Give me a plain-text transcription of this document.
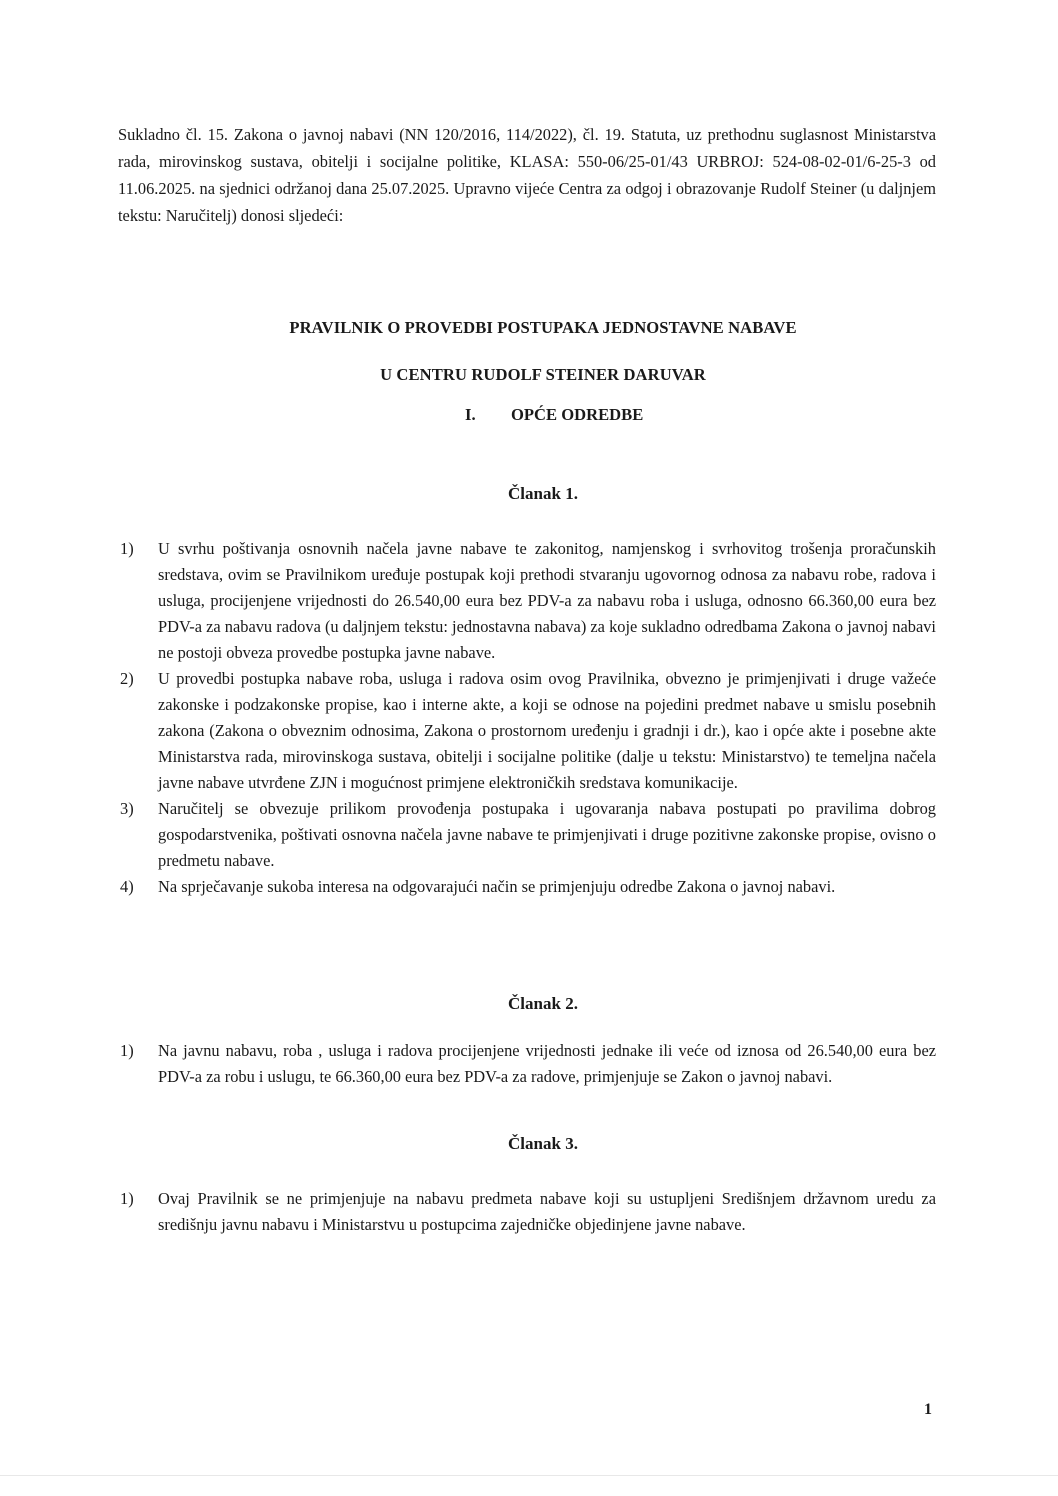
Sukladno čl. 15. Zakona o javnoj nabavi (NN 120/2016, 114/2022), čl. 19. Statuta, uz prethodnu suglasnost Ministarstva rada, mirovinskog sustava, obitelji i socijalne politike, KLASA: 550-06/25-01/43 URBROJ: 524-08-02-01/6-25-3 od 11.06.2025. na sjednici održanoj dana 25.07.2025. Upravno vijeće Centra za odgoj i obrazovanje Rudolf Steiner (u daljnjem tekstu: Naručitelj) donosi sljedeći:

PRAVILNIK O PROVEDBI POSTUPAKA JEDNOSTAVNE NABAVE
U CENTRU RUDOLF STEINER DARUVAR
I. OPĆE ODREDBE
Članak 1.
1) U svrhu poštivanja osnovnih načela javne nabave te zakonitog, namjenskog i svrhovitog trošenja proračunskih sredstava, ovim se Pravilnikom uređuje postupak koji prethodi stvaranju ugovornog odnosa za nabavu robe, radova i usluga, procijenjene vrijednosti do 26.540,00 eura bez PDV-a za nabavu roba i usluga, odnosno 66.360,00 eura bez PDV-a za nabavu radova (u daljnjem tekstu: jednostavna nabava) za koje sukladno odredbama Zakona o javnoj nabavi ne postoji obveza provedbe postupka javne nabave.
2) U provedbi postupka nabave roba, usluga i radova osim ovog Pravilnika, obvezno je primjenjivati i druge važeće zakonske i podzakonske propise, kao i interne akte, a koji se odnose na pojedini predmet nabave u smislu posebnih zakona (Zakona o obveznim odnosima, Zakona o prostornom uređenju i gradnji i dr.), kao i opće akte i posebne akte Ministarstva rada, mirovinskoga sustava, obitelji i socijalne politike (dalje u tekstu: Ministarstvo) te temeljna načela javne nabave utvrđene ZJN i mogućnost primjene elektroničkih sredstava komunikacije.
3) Naručitelj se obvezuje prilikom provođenja postupaka i ugovaranja nabava postupati po pravilima dobrog gospodarstvenika, poštivati osnovna načela javne nabave te primjenjivati i druge pozitivne zakonske propise, ovisno o predmetu nabave.
4) Na sprječavanje sukoba interesa na odgovarajući način se primjenjuju odredbe Zakona o javnoj nabavi.
Članak 2.
1) Na javnu nabavu, roba , usluga i radova procijenjene vrijednosti jednake ili veće od iznosa od 26.540,00 eura bez PDV-a za robu i uslugu, te 66.360,00 eura bez PDV-a za radove, primjenjuje se Zakon o javnoj nabavi.
Članak 3.
1) Ovaj Pravilnik se ne primjenjuje na nabavu predmeta nabave koji su ustupljeni Središnjem državnom uredu za središnju javnu nabavu i Ministarstvu u postupcima zajedničke objedinjene javne nabave.
1
